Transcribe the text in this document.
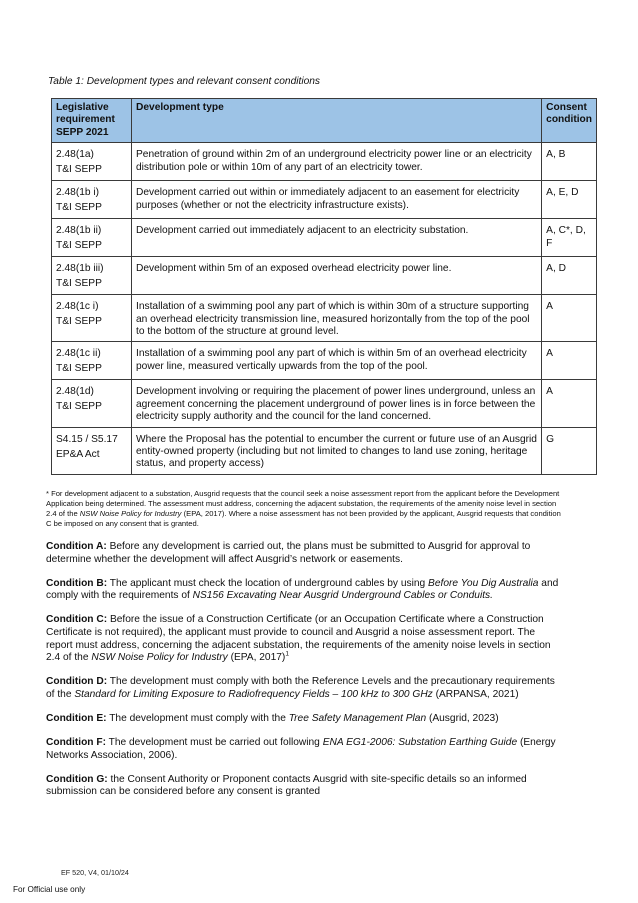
Table 1: Development types and relevant consent conditions
Legislative
requirement
SEPP 2021	Development type	Consent
condition

2.48(1a)
T&I SEPP	Penetration of ground within 2m of an underground electricity power line or an electricity distribution pole or within 10m of any part of an electricity tower.	A, B

2.48(1b i)
T&I SEPP	Development carried out within or immediately adjacent to an easement for electricity purposes (whether or not the electricity infrastructure exists).	A, E, D

2.48(1b ii)
T&I SEPP	Development carried out immediately adjacent to an electricity substation.	A, C*, D, F

2.48(1b iii)
T&I SEPP	Development within 5m of an exposed overhead electricity power line.	A, D

2.48(1c i)
T&I SEPP	Installation of a swimming pool any part of which is within 30m of a structure supporting an overhead electricity transmission line, measured horizontally from the top of the pool to the bottom of the structure at ground level.	A

2.48(1c ii)
T&I SEPP	Installation of a swimming pool any part of which is within 5m of an overhead electricity power line, measured vertically upwards from the top of the pool.	A

2.48(1d)
T&I SEPP	Development involving or requiring the placement of power lines underground, unless an agreement concerning the placement underground of power lines is in force between the electricity supply authority and the council for the land concerned.	A

S4.15 / S5.17
EP&A Act	Where the Proposal has the potential to encumber the current or future use of an Ausgrid entity-owned property (including but not limited to changes to land use zoning, heritage status, and property access)	G
* For development adjacent to a substation, Ausgrid requests that the council seek a noise assessment report from the applicant before the Development Application being determined. The assessment must address, concerning the adjacent substation, the requirements of the amenity noise level in section 2.4 of the NSW Noise Policy for Industry (EPA, 2017). Where a noise assessment has not been provided by the applicant, Ausgrid requests that condition C be imposed on any consent that is granted.

Condition A: Before any development is carried out, the plans must be submitted to Ausgrid for approval to determine whether the development will affect Ausgrid’s network or easements.

Condition B: The applicant must check the location of underground cables by using Before You Dig Australia and comply with the requirements of NS156 Excavating Near Ausgrid Underground Cables or Conduits.

Condition C: Before the issue of a Construction Certificate (or an Occupation Certificate where a Construction Certificate is not required), the applicant must provide to council and Ausgrid a noise assessment report. The report must address, concerning the adjacent substation, the requirements of the amenity noise levels in section 2.4 of the NSW Noise Policy for Industry (EPA, 2017)$^1$

Condition D: The development must comply with both the Reference Levels and the precautionary requirements of the Standard for Limiting Exposure to Radiofrequency Fields – 100 kHz to 300 GHz (ARPANSA, 2021)

Condition E: The development must comply with the Tree Safety Management Plan (Ausgrid, 2023)

Condition F: The development must be carried out following ENA EG1-2006: Substation Earthing Guide (Energy Networks Association, 2006).

Condition G: the Consent Authority or Proponent contacts Ausgrid with site-specific details so an informed submission can be considered before any consent is granted

EF 520, V4, 01/10/24
For Official use only
